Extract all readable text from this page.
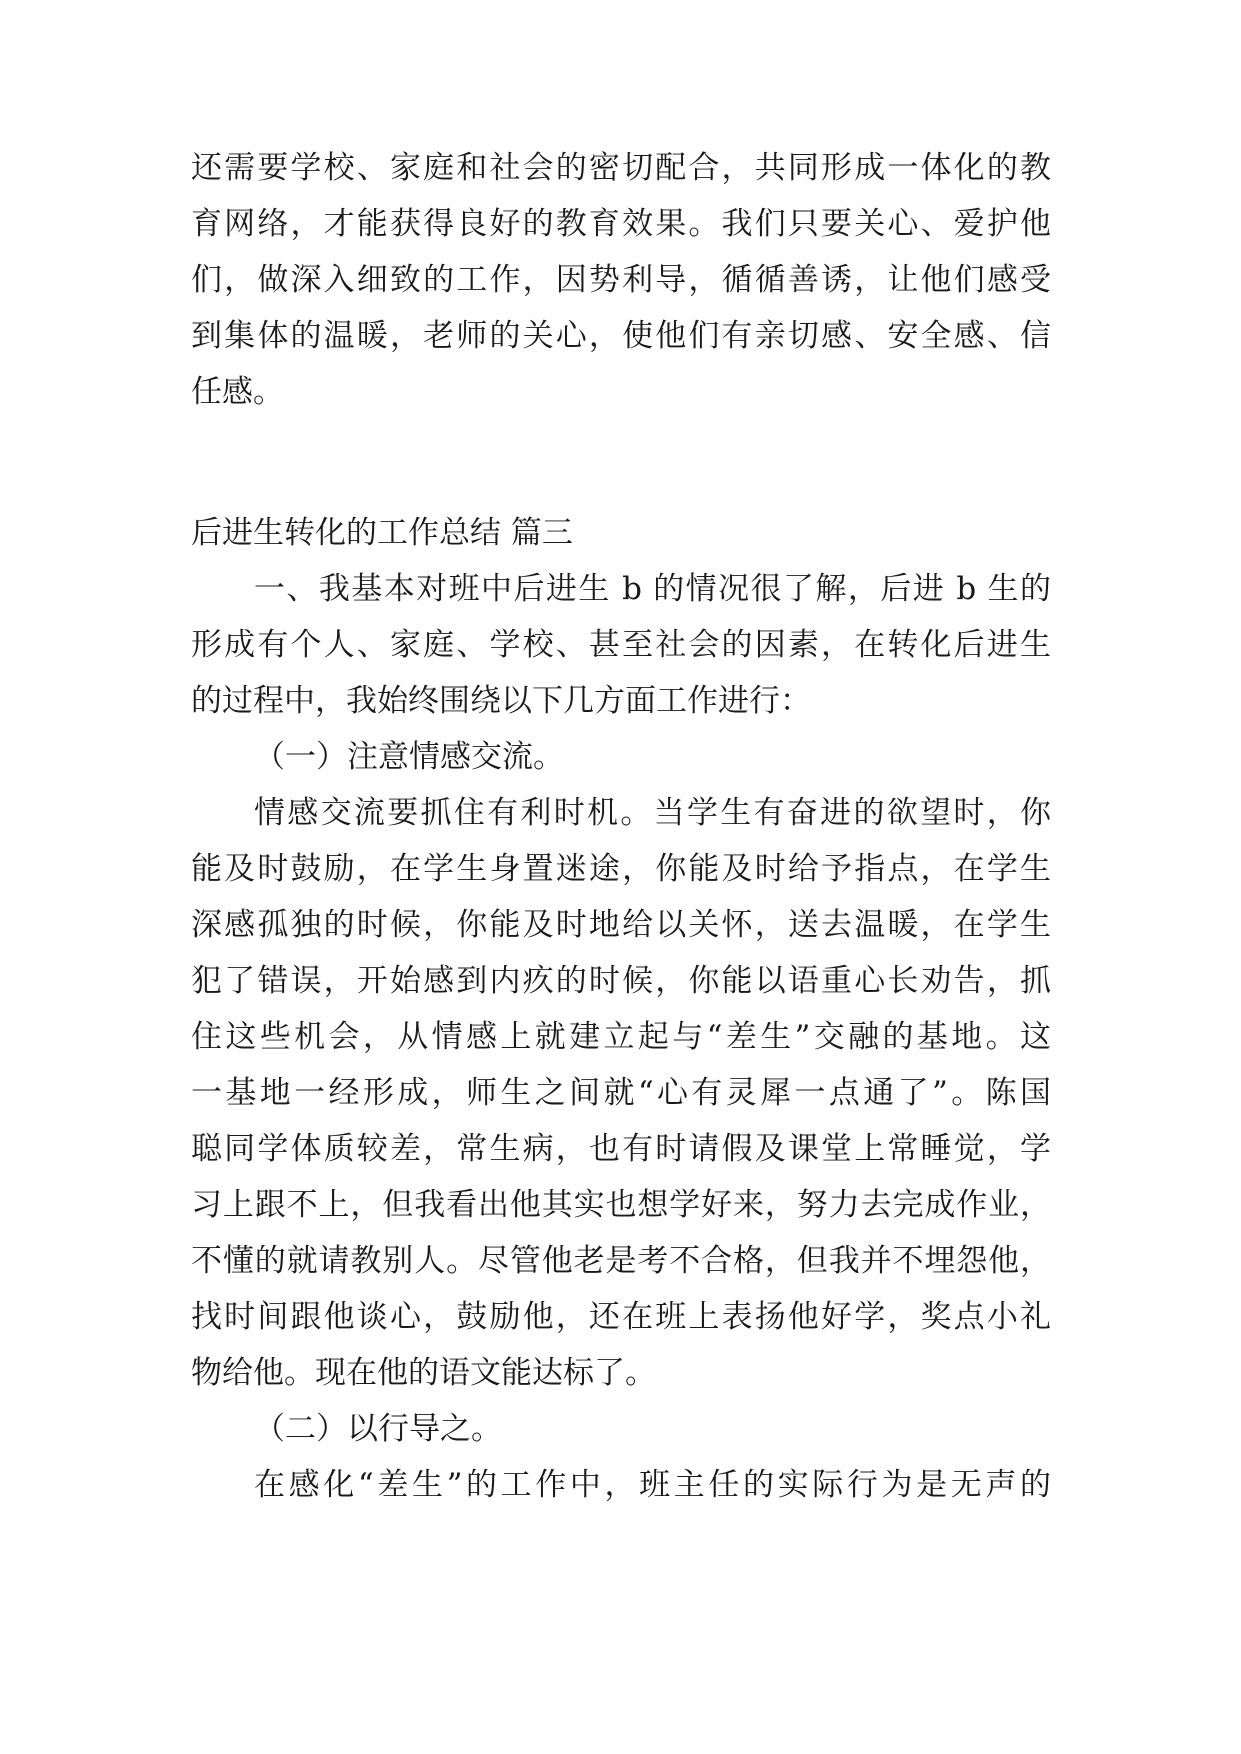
还需要学校、家庭和社会的密切配合，共同形成一体化的教
育网络，才能获得良好的教育效果。我们只要关心、爱护他
们，做深入细致的工作，因势利导，循循善诱，让他们感受
到集体的温暖，老师的关心，使他们有亲切感、安全感、信
任感。
后进生转化的工作总结 篇三
一、我基本对班中后进生 b 的情况很了解，后进 b 生的
形成有个人、家庭、学校、甚至社会的因素，在转化后进生
的过程中，我始终围绕以下几方面工作进行：
（一）注意情感交流。
情感交流要抓住有利时机。当学生有奋进的欲望时，你
能及时鼓励，在学生身置迷途，你能及时给予指点，在学生
深感孤独的时候，你能及时地给以关怀，送去温暖，在学生
犯了错误，开始感到内疚的时候，你能以语重心长劝告，抓
住这些机会，从情感上就建立起与“差生”交融的基地。这
一基地一经形成，师生之间就“心有灵犀一点通了”。陈国
聪同学体质较差，常生病，也有时请假及课堂上常睡觉，学
习上跟不上，但我看出他其实也想学好来，努力去完成作业，
不懂的就请教别人。尽管他老是考不合格，但我并不埋怨他，
找时间跟他谈心，鼓励他，还在班上表扬他好学，奖点小礼
物给他。现在他的语文能达标了。
（二）以行导之。
在感化“差生”的工作中，班主任的实际行为是无声的
